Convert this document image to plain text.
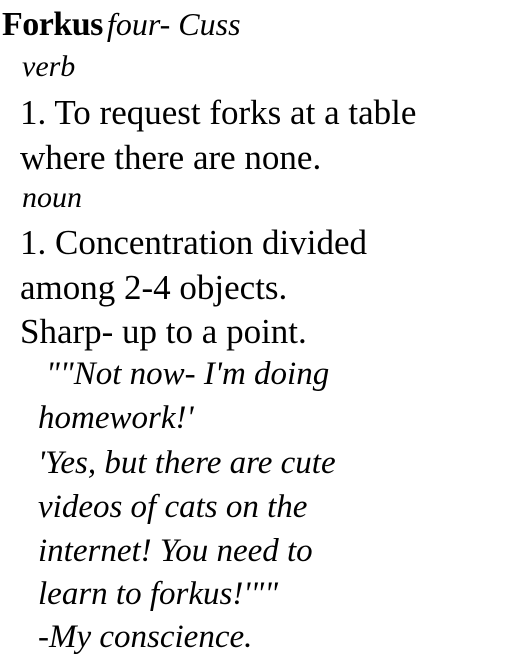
Forkus four- Cuss
verb
1. To request forks at a table
where there are none.
noun
1. Concentration divided
among 2-4 objects.
Sharp- up to a point.
""Not now- I'm doing
homework!'
'Yes, but there are cute
videos of cats on the
internet! You need to
learn to forkus!'""
-My conscience.
